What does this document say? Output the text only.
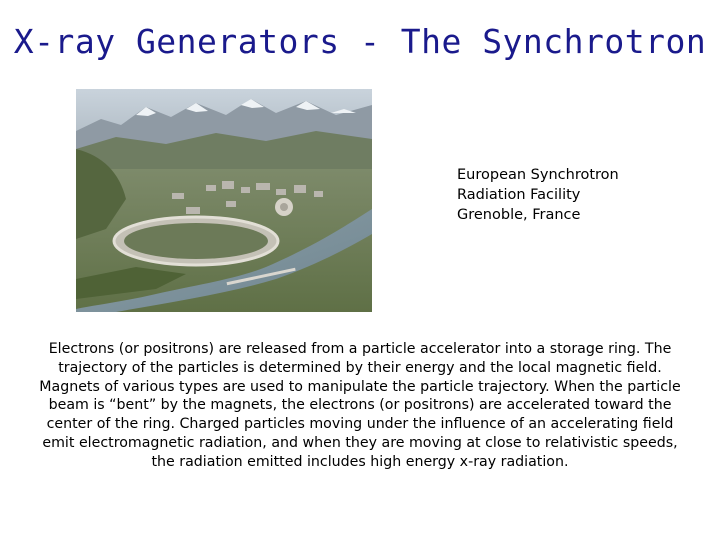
X-ray Generators - The Synchrotron
European Synchrotron
Radiation Facility
Grenoble, France
Electrons (or positrons) are released from a particle accelerator into a storage ring. The trajectory of the particles is determined by their energy and the local magnetic field. Magnets of various types are used to manipulate the particle trajectory. When the particle beam is “bent” by the magnets, the electrons (or positrons) are accelerated toward the center of the ring. Charged particles moving under the influence of an accelerating field emit electromagnetic radiation, and when they are moving at close to relativistic speeds, the radiation emitted includes high energy x-ray radiation.
